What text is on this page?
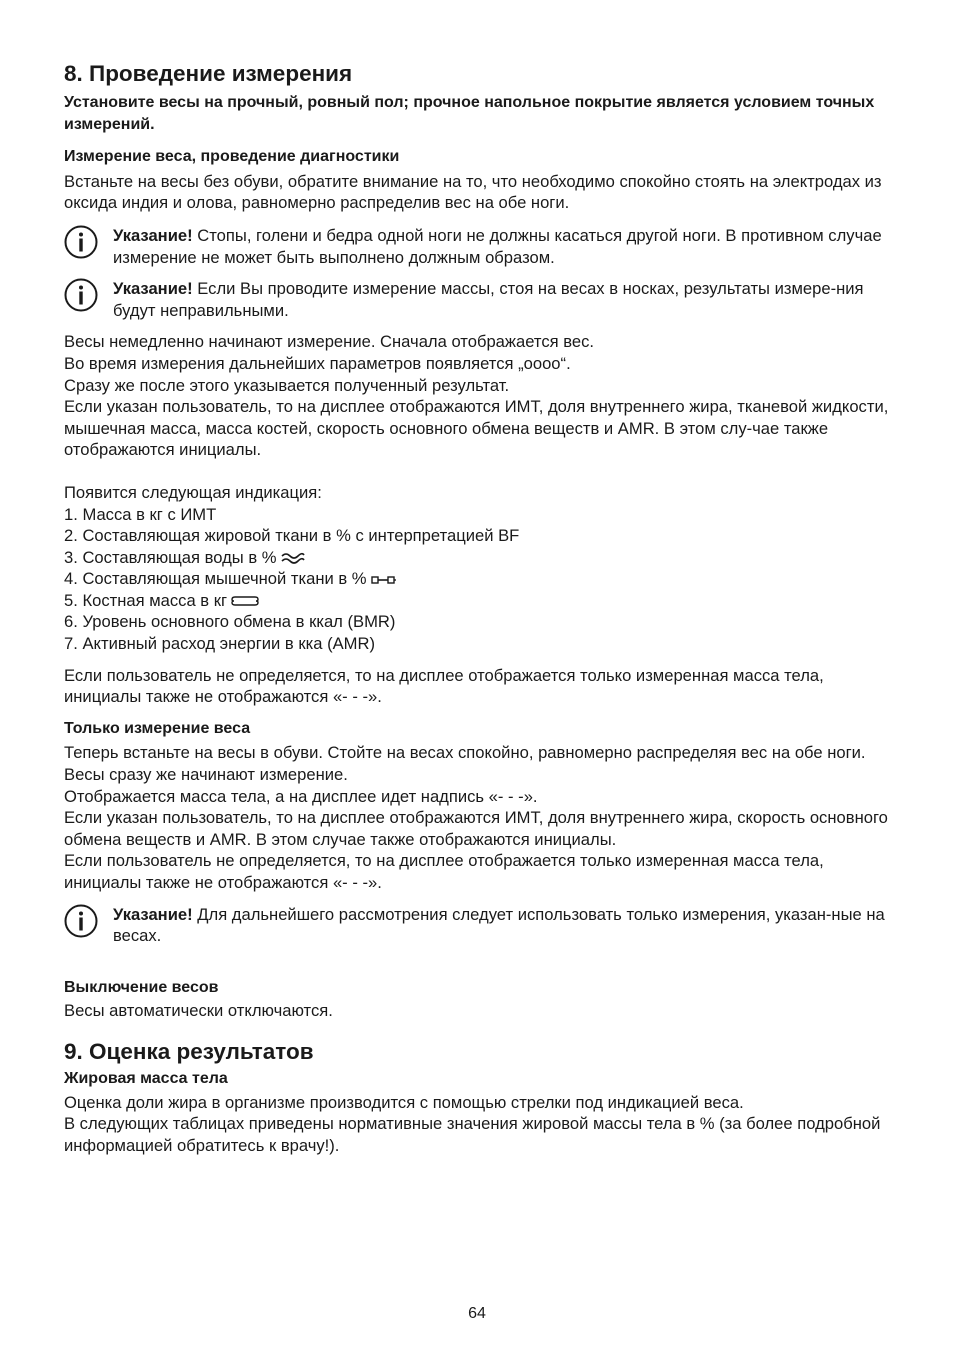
8. Проведение измерения

Установите весы на прочный, ровный пол; прочное напольное покрытие является условием точных измерений.

Измерение веса, проведение диагностики

Встаньте на весы без обуви, обратите внимание на то, что необходимо спокойно стоять на электродах из оксида индия и олова, равномерно распределив вес на обе ноги.

Указание! Стопы, голени и бедра одной ноги не должны касаться другой ноги. В противном случае измерение не может быть выполнено должным образом.
Указание! Если Вы проводите измерение массы, стоя на весах в носках, результаты измере-ния будут неправильными.

Весы немедленно начинают измерение. Сначала отображается вес.

Во время измерения дальнейших параметров появляется „oooo“.

Сразу же после этого указывается полученный результат.

Если указан пользователь, то на дисплее отображаются ИМТ, доля внутреннего жира, тканевой жидкости, мышечная масса, масса костей, скорость основного обмена веществ и AMR. В этом слу-чае также отображаются инициалы.

Появится следующая индикация:

1. Масса в кг с ИМТ

2. Составляющая жировой ткани в % с интерпретацией BF

3. Составляющая воды в %

4. Составляющая мышечной ткани в %

5. Костная масса в кг

6. Уровень основного обмена в ккал (BMR)

7. Активный расход энергии в кка (AMR)

Если пользователь не определяется, то на дисплее отображается только измеренная масса тела, инициалы также не отображаются «- - -».

Только измерение веса

Теперь встаньте на весы в обуви. Стойте на весах спокойно, равномерно распределяя вес на обе ноги. Весы сразу же начинают измерение.

Отображается масса тела, а на дисплее идет надпись «- - -».

Если указан пользователь, то на дисплее отображаются ИМТ, доля внутреннего жира, скорость основного обмена веществ и AMR. В этом случае также отображаются инициалы.

Если пользователь не определяется, то на дисплее отображается только измеренная масса тела, инициалы также не отображаются «- - -».

Указание! Для дальнейшего рассмотрения следует использовать только измерения, указан-ные на весах.

Выключение весов

Весы автоматически отключаются.

9. Оценка результатов

Жировая масса тела

Оценка доли жира в организме производится с помощью стрелки под индикацией веса.

В следующих таблицах приведены нормативные значения жировой массы тела в % (за более подробной информацией обратитесь к врачу!).

64
